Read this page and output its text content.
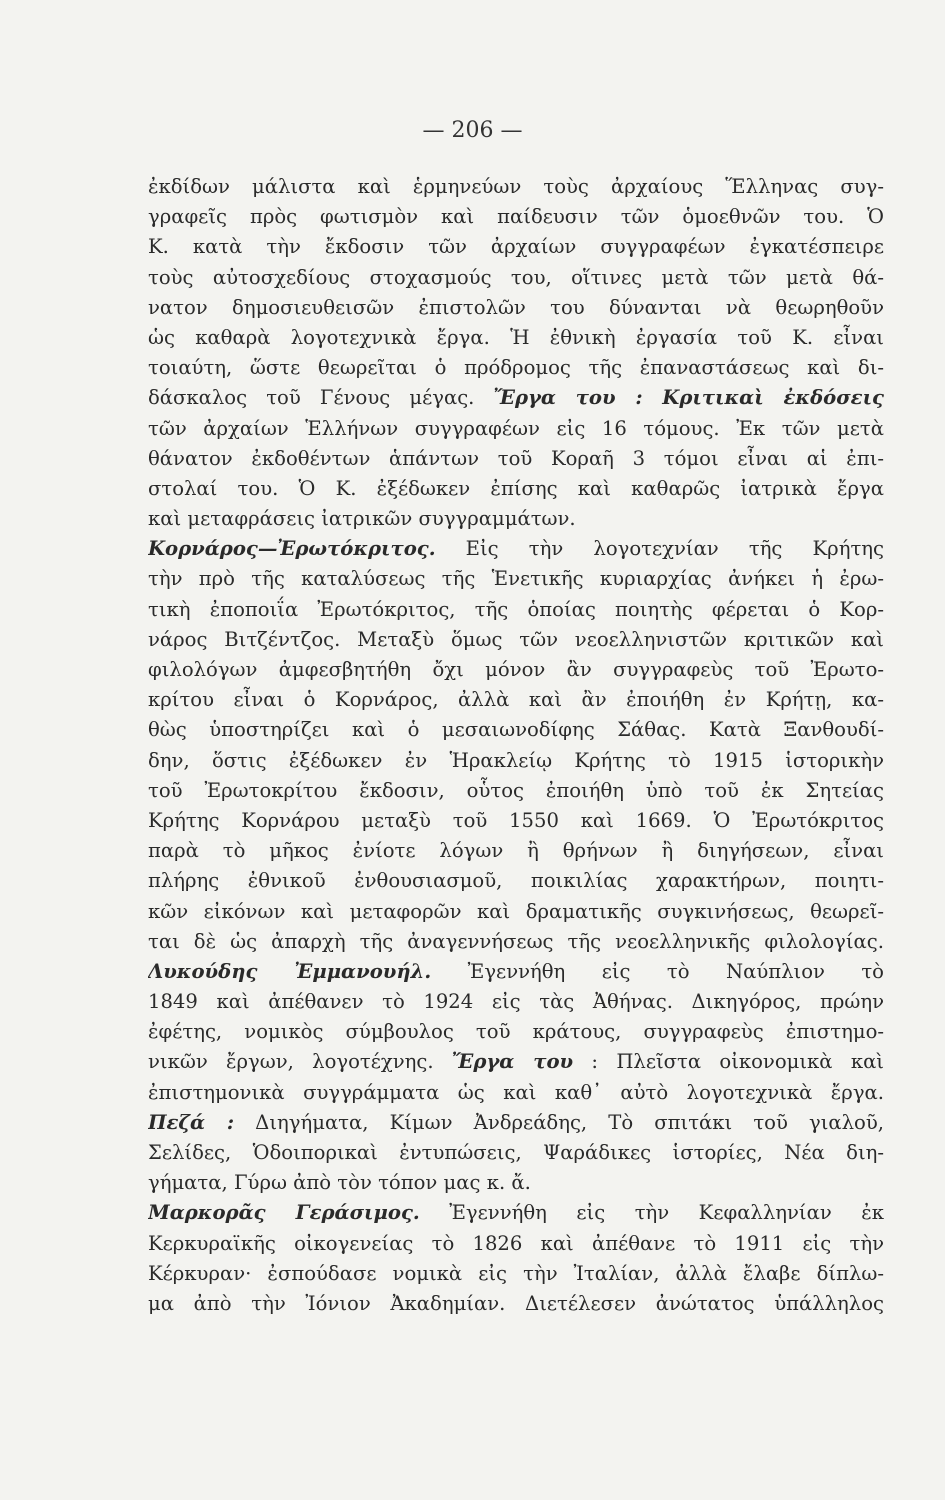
— 206 —
ἐκδίδων μάλιστα καὶ ἑρμηνεύων τοὺς ἀρχαίους Ἕλληνας συγ-
γραφεῖς πρὸς φωτισμὸν καὶ παίδευσιν τῶν ὁμοεθνῶν του. Ὁ
Κ. κατὰ τὴν ἔκδοσιν τῶν ἀρχαίων συγγραφέων ἐγκατέσπειρε
τοὺς αὐτοσχεδίους στοχασμούς του, οἵτινες μετὰ τῶν μετὰ θά-
νατον δημοσιευθεισῶν ἐπιστολῶν του δύνανται νὰ θεωρηθοῦν
ὡς καθαρὰ λογοτεχνικὰ ἔργα. Ἡ ἐθνικὴ ἐργασία τοῦ Κ. εἶναι
τοιαύτη, ὥστε θεωρεῖται ὁ πρόδρομος τῆς ἐπαναστάσεως καὶ δι-
δάσκαλος τοῦ Γένους μέγας. Ἔργα του : Κριτικαὶ ἐκδόσεις
τῶν ἀρχαίων Ἑλλήνων συγγραφέων εἰς 16 τόμους. Ἐκ τῶν μετὰ
θάνατον ἐκδοθέντων ἁπάντων τοῦ Κοραῆ 3 τόμοι εἶναι αἱ ἐπι-
στολαί του. Ὁ Κ. ἐξέδωκεν ἐπίσης καὶ καθαρῶς ἰατρικὰ ἔργα
καὶ μεταφράσεις ἰατρικῶν συγγραμμάτων.
Κορνάρος—Ἐρωτόκριτος. Εἰς τὴν λογοτεχνίαν τῆς Κρήτης
τὴν πρὸ τῆς καταλύσεως τῆς Ἑνετικῆς κυριαρχίας ἀνήκει ἡ ἐρω-
τικὴ ἐποποιΐα Ἐρωτόκριτος, τῆς ὁποίας ποιητὴς φέρεται ὁ Κορ-
νάρος Βιτζέντζος. Μεταξὺ ὅμως τῶν νεοελληνιστῶν κριτικῶν καὶ
φιλολόγων ἀμφεσβητήθη ὄχι μόνον ἂν συγγραφεὺς τοῦ Ἐρωτο-
κρίτου εἶναι ὁ Κορνάρος, ἀλλὰ καὶ ἂν ἐποιήθη ἐν Κρήτῃ, κα-
θὼς ὑποστηρίζει καὶ ὁ μεσαιωνοδίφης Σάθας. Κατὰ Ξανθουδί-
δην, ὅστις ἐξέδωκεν ἐν Ἡρακλείῳ Κρήτης τὸ 1915 ἱστορικὴν
τοῦ Ἐρωτοκρίτου ἔκδοσιν, οὗτος ἐποιήθη ὑπὸ τοῦ ἐκ Σητείας
Κρήτης Κορνάρου μεταξὺ τοῦ 1550 καὶ 1669. Ὁ Ἐρωτόκριτος
παρὰ τὸ μῆκος ἐνίοτε λόγων ἢ θρήνων ἢ διηγήσεων, εἶναι
πλήρης ἐθνικοῦ ἐνθουσιασμοῦ, ποικιλίας χαρακτήρων, ποιητι-
κῶν εἰκόνων καὶ μεταφορῶν καὶ δραματικῆς συγκινήσεως, θεωρεῖ-
ται δὲ ὡς ἀπαρχὴ τῆς ἀναγεννήσεως τῆς νεοελληνικῆς φιλολογίας.
Λυκούδης Ἐμμανουήλ. Ἐγεννήθη εἰς τὸ Ναύπλιον τὸ
1849 καὶ ἀπέθανεν τὸ 1924 εἰς τὰς Ἀθήνας. Δικηγόρος, πρώην
ἐφέτης, νομικὸς σύμβουλος τοῦ κράτους, συγγραφεὺς ἐπιστημο-
νικῶν ἔργων, λογοτέχνης. Ἔργα του : Πλεῖστα οἰκονομικὰ καὶ
ἐπιστημονικὰ συγγράμματα ὡς καὶ καθ᾽ αὐτὸ λογοτεχνικὰ ἔργα.
Πεζά : Διηγήματα, Κίμων Ἀνδρεάδης, Τὸ σπιτάκι τοῦ γιαλοῦ,
Σελίδες, Ὁδοιπορικαὶ ἐντυπώσεις, Ψαράδικες ἱστορίες, Νέα διη-
γήματα, Γύρω ἀπὸ τὸν τόπον μας κ. ἄ.
Μαρκορᾶς Γεράσιμος. Ἐγεννήθη εἰς τὴν Κεφαλληνίαν ἐκ
Κερκυραϊκῆς οἰκογενείας τὸ 1826 καὶ ἀπέθανε τὸ 1911 εἰς τὴν
Κέρκυραν· ἐσπούδασε νομικὰ εἰς τὴν Ἰταλίαν, ἀλλὰ ἔλαβε δίπλω-
μα ἀπὸ τὴν Ἰόνιον Ἀκαδημίαν. Διετέλεσεν ἀνώτατος ὑπάλληλος
